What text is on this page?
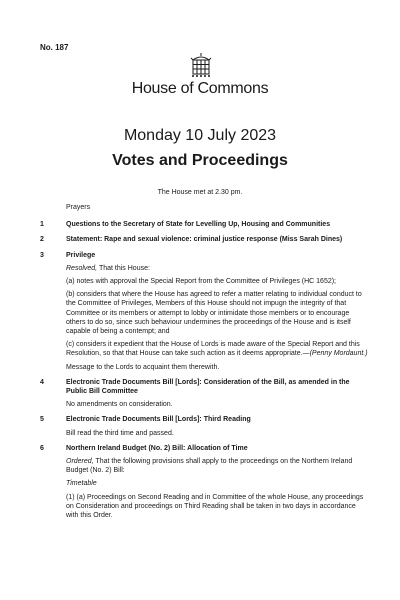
No. 187
House of Commons
Monday 10 July 2023
Votes and Proceedings
The House met at 2.30 pm.
Prayers
1	Questions to the Secretary of State for Levelling Up, Housing and Communities
2	Statement: Rape and sexual violence: criminal justice response (Miss Sarah Dines)
3	Privilege

Resolved, That this House:

(a) notes with approval the Special Report from the Committee of Privileges (HC 1652);

(b) considers that where the House has agreed to refer a matter relating to individual conduct to the Committee of Privileges, Members of this House should not impugn the integrity of that Committee or its members or attempt to lobby or intimidate those members or to encourage others to do so, since such behaviour undermines the proceedings of the House and is itself capable of being a contempt; and

(c) considers it expedient that the House of Lords is made aware of the Special Report and this Resolution, so that that House can take such action as it deems appropriate.—(Penny Mordaunt.)

Message to the Lords to acquaint them therewith.

4	Electronic Trade Documents Bill [Lords]: Consideration of the Bill, as amended in the Public Bill Committee

No amendments on consideration.

5	Electronic Trade Documents Bill [Lords]: Third Reading

Bill read the third time and passed.

6	Northern Ireland Budget (No. 2) Bill: Allocation of Time

Ordered, That the following provisions shall apply to the proceedings on the Northern Ireland Budget (No. 2) Bill:

Timetable

(1) (a) Proceedings on Second Reading and in Committee of the whole House, any proceedings on Consideration and proceedings on Third Reading shall be taken in two days in accordance with this Order.
